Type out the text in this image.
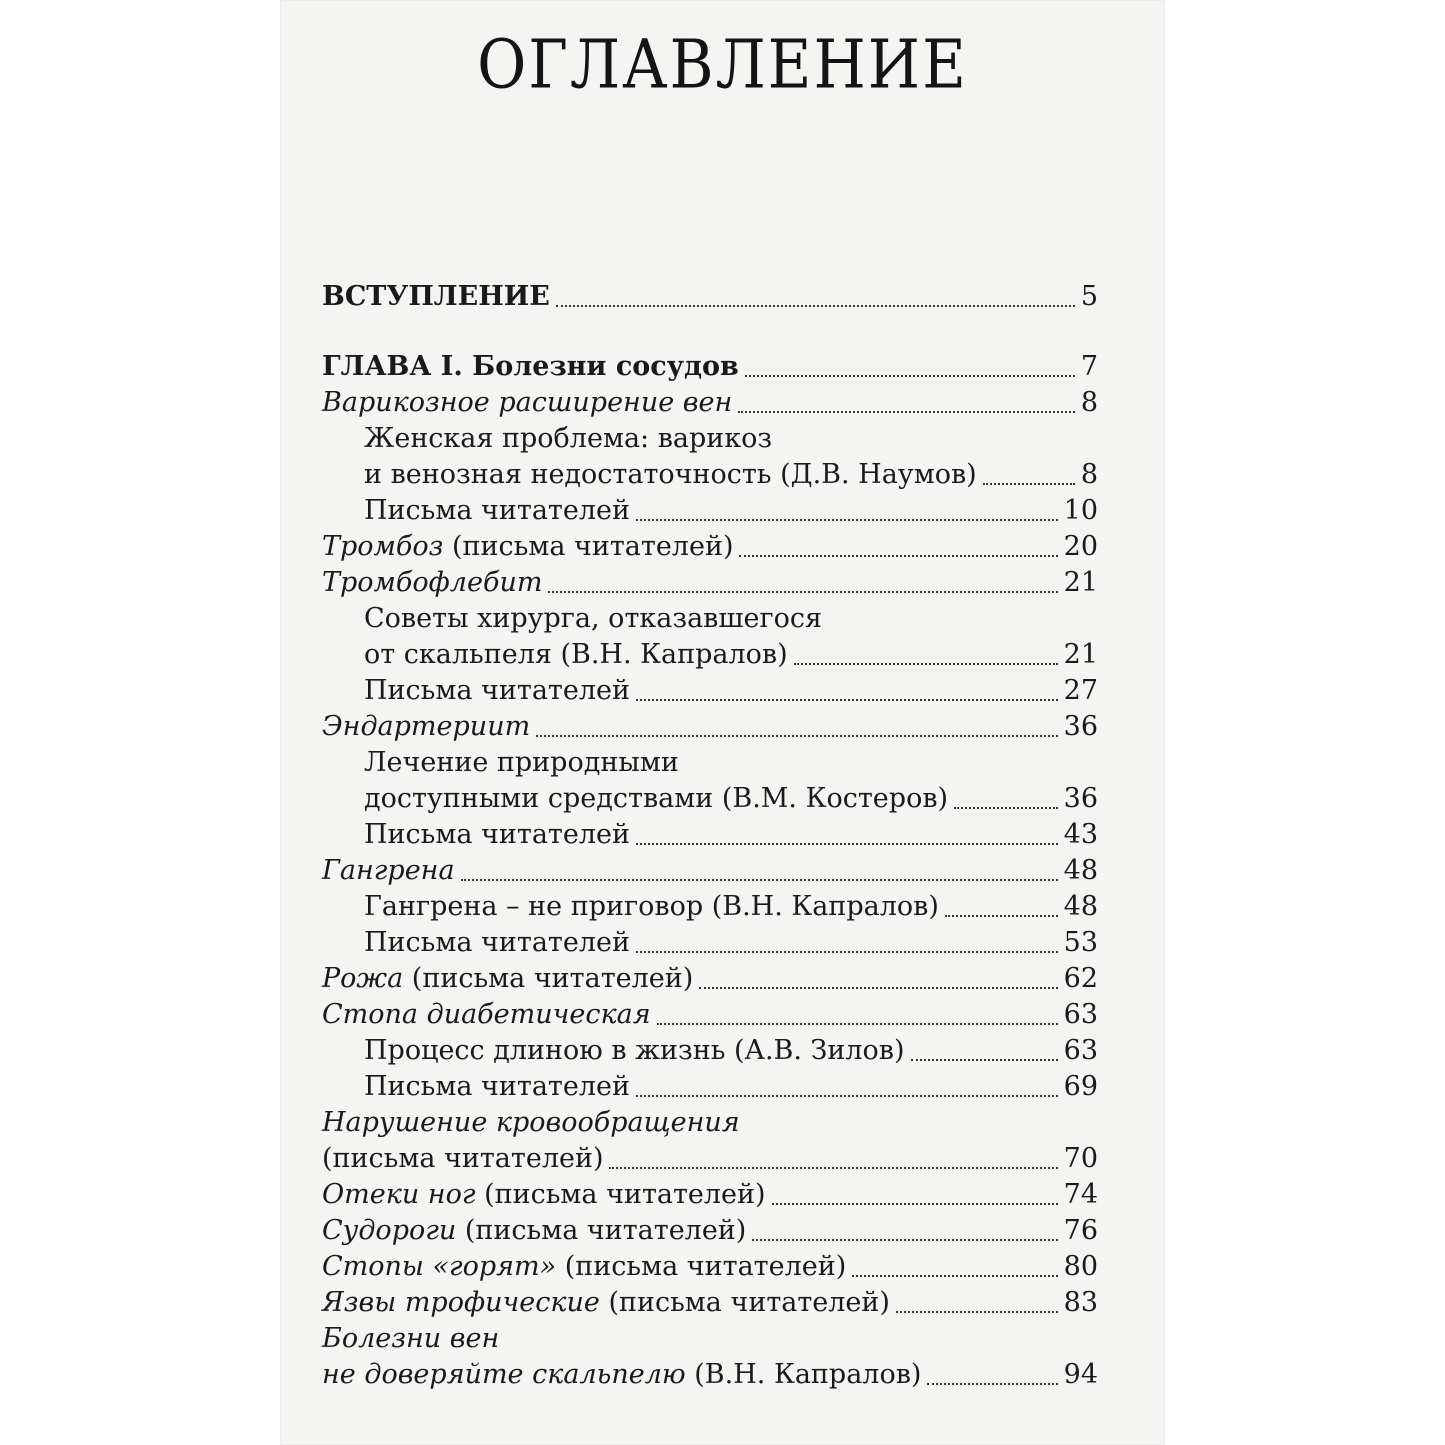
ОГЛАВЛЕНИЕ
ВСТУПЛЕНИЕ	5
ГЛАВА I. Болезни сосудов	7
Варикозное расширение вен	8
Женская проблема: варикоз
и венозная недостаточность (Д.В. Наумов)	8
Письма читателей	10
Тромбоз (письма читателей)	20
Тромбофлебит	21
Советы хирурга, отказавшегося
от скальпеля (В.Н. Капралов)	21
Письма читателей	27
Эндартериит	36
Лечение природными
доступными средствами (В.М. Костеров)	36
Письма читателей	43
Гангрена	48
Гангрена – не приговор (В.Н. Капралов)	48
Письма читателей	53
Рожа (письма читателей)	62
Стопа диабетическая	63
Процесс длиною в жизнь (А.В. Зилов)	63
Письма читателей	69
Нарушение кровообращения
(письма читателей)	70
Отеки ног (письма читателей)	74
Судороги (письма читателей)	76
Стопы «горят» (письма читателей)	80
Язвы трофические (письма читателей)	83
Болезни вен
не доверяйте скальпелю (В.Н. Капралов)	94
